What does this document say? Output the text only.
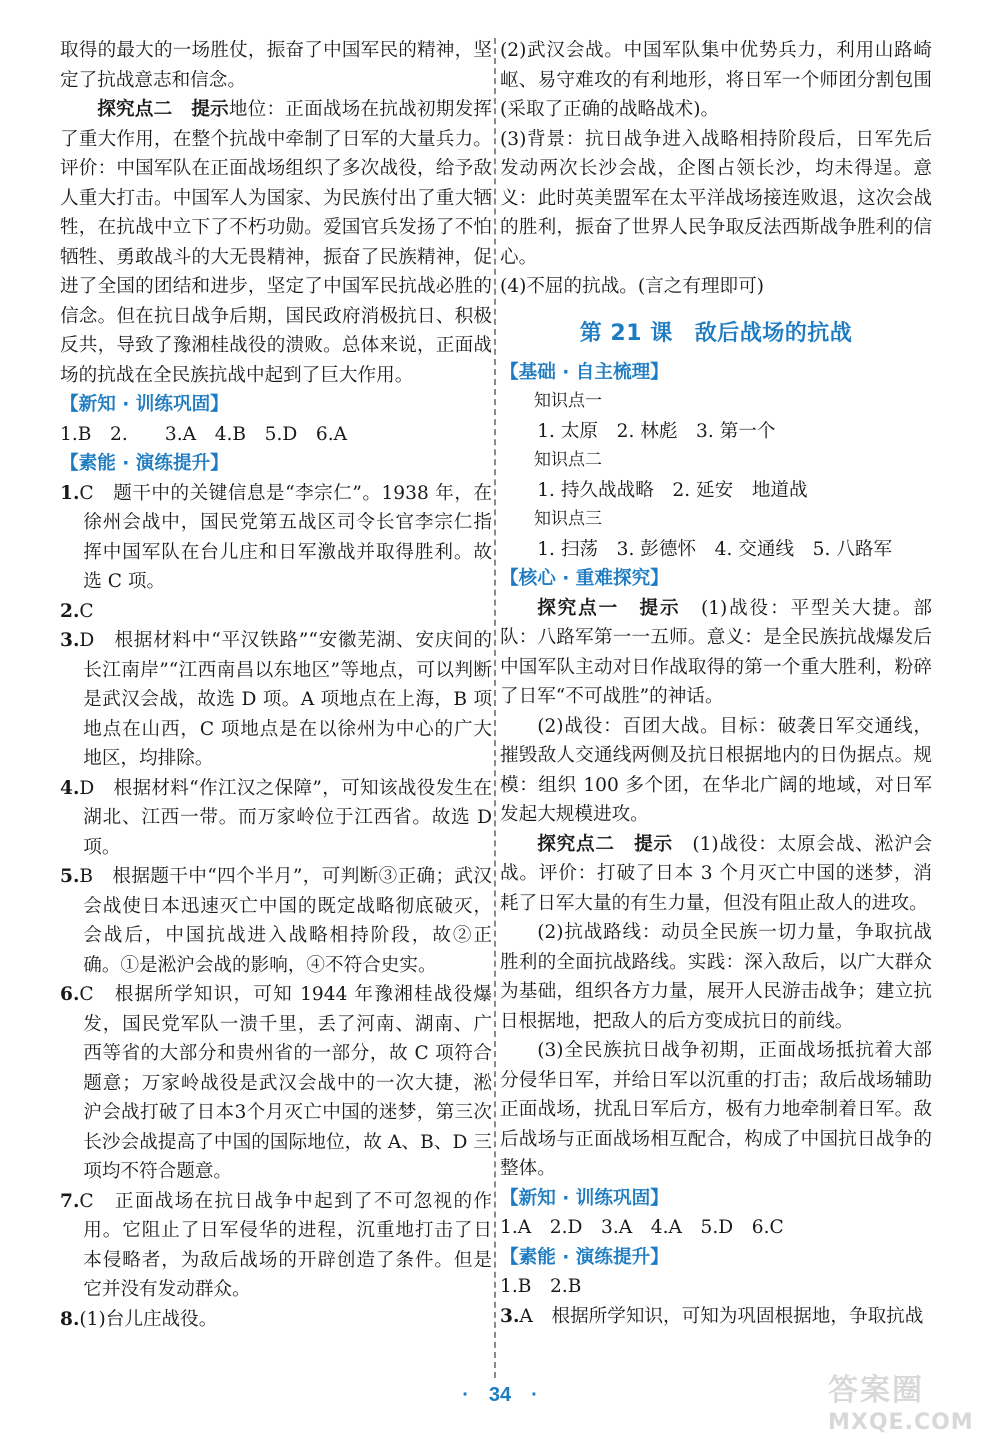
取得的最大的一场胜仗，振奋了中国军民的精神，坚定了抗战意志和信念。

探究点二　提示地位：正面战场在抗战初期发挥了重大作用，在整个抗战中牵制了日军的大量兵力。评价：中国军队在正面战场组织了多次战役，给予敌人重大打击。中国军人为国家、为民族付出了重大牺牲，在抗战中立下了不朽功勋。爱国官兵发扬了不怕牺牲、勇敢战斗的大无畏精神，振奋了民族精神，促进了全国的团结和进步，坚定了中国军民抗战必胜的信念。但在抗日战争后期，国民政府消极抗日、积极反共，导致了豫湘桂战役的溃败。总体来说，正面战场的抗战在全民族抗战中起到了巨大作用。

【新知 · 训练巩固】

1.B　2.　　3.A　4.B　5.D　6.A

【素能 · 演练提升】

1.C　 题干中的关键信息是“李宗仁”。1938 年，在徐州会战中，国民党第五战区司令长官李宗仁指挥中国军队在台儿庄和日军激战并取得胜利。故选 C 项。

2.C

3.D　 根据材料中“平汉铁路”“安徽芜湖、安庆间的长江南岸”“江西南昌以东地区”等地点，可以判断是武汉会战，故选 D 项。A 项地点在上海，B 项地点在山西，C 项地点是在以徐州为中心的广大地区，均排除。

4.D　 根据材料“作江汉之保障”，可知该战役发生在湖北、江西一带。而万家岭位于江西省。故选 D 项。

5.B　 根据题干中“四个半月”，可判断③正确；武汉会战使日本迅速灭亡中国的既定战略彻底破灭，会战后，中国抗战进入战略相持阶段，故②正确。①是淞沪会战的影响，④不符合史实。

6.C　 根据所学知识，可知 1944 年豫湘桂战役爆发，国民党军队一溃千里，丢了河南、湖南、广西等省的大部分和贵州省的一部分，故 C 项符合题意；万家岭战役是武汉会战中的一次大捷，淞沪会战打破了日本3个月灭亡中国的迷梦，第三次长沙会战提高了中国的国际地位，故 A、B、D 三项均不符合题意。

7.C　 正面战场在抗日战争中起到了不可忽视的作用。它阻止了日军侵华的进程，沉重地打击了日本侵略者，为敌后战场的开辟创造了条件。但是它并没有发动群众。

8.(1)台儿庄战役。

(2)武汉会战。中国军队集中优势兵力，利用山路崎岖、易守难攻的有利地形，将日军一个师团分割包围(采取了正确的战略战术)。

(3)背景：抗日战争进入战略相持阶段后，日军先后发动两次长沙会战，企图占领长沙，均未得逞。意义：此时英美盟军在太平洋战场接连败退，这次会战的胜利，振奋了世界人民争取反法西斯战争胜利的信心。

(4)不屈的抗战。(言之有理即可)

第 21 课 敌后战场的抗战

【基础 · 自主梳理】

知识点一

1. 太原　2. 林彪　3. 第一个

知识点二

1. 持久战战略　2. 延安　地道战

知识点三

1. 扫荡　3. 彭德怀　4. 交通线　5. 八路军

【核心 · 重难探究】

探究点一　提示　 (1)战役：平型关大捷。部队：八路军第一一五师。意义：是全民族抗战爆发后中国军队主动对日作战取得的第一个重大胜利，粉碎了日军“不可战胜”的神话。

(2)战役：百团大战。目标：破袭日军交通线，摧毁敌人交通线两侧及抗日根据地内的日伪据点。规模：组织 100 多个团，在华北广阔的地域，对日军发起大规模进攻。

探究点二　提示　 (1)战役：太原会战、淞沪会战。评价：打破了日本 3 个月灭亡中国的迷梦，消耗了日军大量的有生力量，但没有阻止敌人的进攻。

(2)抗战路线：动员全民族一切力量，争取抗战胜利的全面抗战路线。实践：深入敌后，以广大群众为基础，组织各方力量，展开人民游击战争；建立抗日根据地，把敌人的后方变成抗日的前线。

(3)全民族抗日战争初期，正面战场抵抗着大部分侵华日军，并给日军以沉重的打击；敌后战场辅助正面战场，扰乱日军后方，极有力地牵制着日军。敌后战场与正面战场相互配合，构成了中国抗日战争的整体。

【新知 · 训练巩固】

1.A　2.D　3.A　4.A　5.D　6.C

【素能 · 演练提升】

1.B　2.B

3.A　 根据所学知识，可知为巩固根据地，争取抗战

·　34　·	答案圈
MXQE.COM
